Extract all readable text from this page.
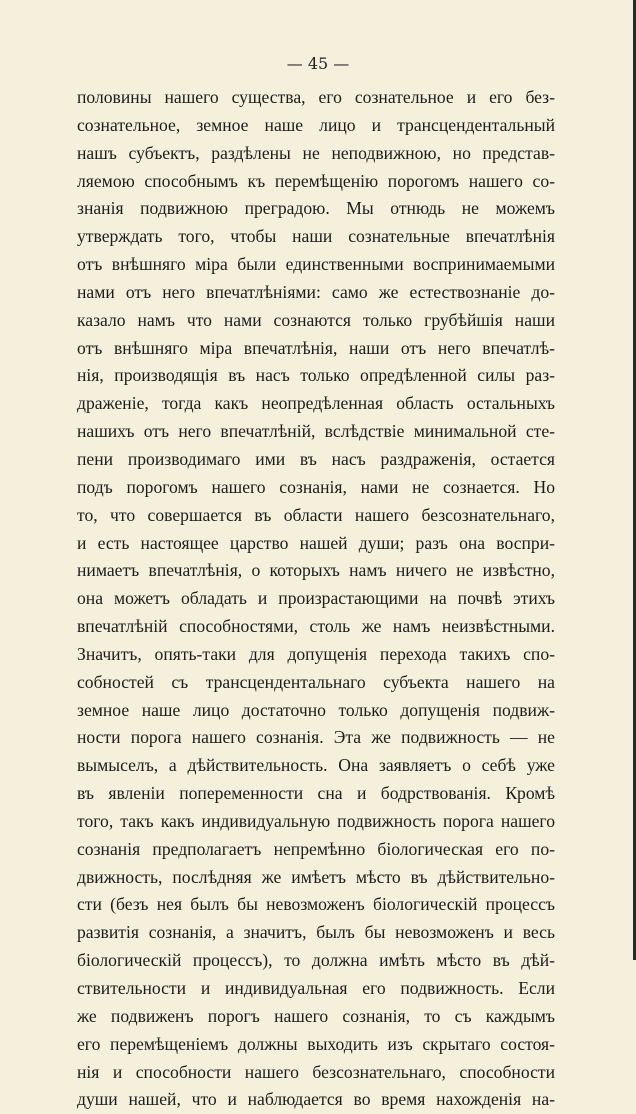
— 45 —
половины нашего существа, его сознательное и его без-
сознательное, земное наше лицо и трансцендентальный
нашъ субъектъ, раздѣлены не неподвижною, но представ-
ляемою способнымъ къ перемѣщенію порогомъ нашего со-
знанія подвижною преградою. Мы отнюдь не можемъ
утверждать того, чтобы наши сознательные впечатлѣнія
отъ внѣшняго міра были единственными воспринимаемыми
нами отъ него впечатлѣніями: само же естествознаніе до-
казало намъ что нами сознаются только грубѣйшія наши
отъ внѣшняго міра впечатлѣнія, наши отъ него впечатлѣ-
нія, производящія въ насъ только опредѣленной силы раз-
драженіе, тогда какъ неопредѣленная область остальныхъ
нашихъ отъ него впечатлѣній, вслѣдствіе минимальной сте-
пени производимаго ими въ насъ раздраженія, остается
подъ порогомъ нашего сознанія, нами не сознается. Но
то, что совершается въ области нашего безсознательнаго,
и есть настоящее царство нашей души; разъ она воспри-
нимаетъ впечатлѣнія, о которыхъ намъ ничего не извѣстно,
она можетъ обладать и произрастающими на почвѣ этихъ
впечатлѣній способностями, столь же намъ неизвѣстными.
Значитъ, опять-таки для допущенія перехода такихъ спо-
собностей съ трансцендентальнаго субъекта нашего на
земное наше лицо достаточно только допущенія подвиж-
ности порога нашего сознанія. Эта же подвижность — не
вымыселъ, а дѣйствительность. Она заявляетъ о себѣ уже
въ явленіи попеременности сна и бодрствованія. Кромѣ
того, такъ какъ индивидуальную подвижность порога нашего
сознанія предполагаетъ непремѣнно біологическая его по-
движность, послѣдняя же имѣетъ мѣсто въ дѣйствительно-
сти (безъ нея былъ бы невозможенъ біологическій процессъ
развитія сознанія, а значитъ, былъ бы невозможенъ и весь
біологическій процессъ), то должна имѣть мѣсто въ дѣй-
ствительности и индивидуальная его подвижность. Если
же подвиженъ порогъ нашего сознанія, то съ каждымъ
его перемѣщеніемъ должны выходить изъ скрытаго состоя-
нія и способности нашего безсознательнаго, способности
души нашей, что и наблюдается во время нахожденія на-
